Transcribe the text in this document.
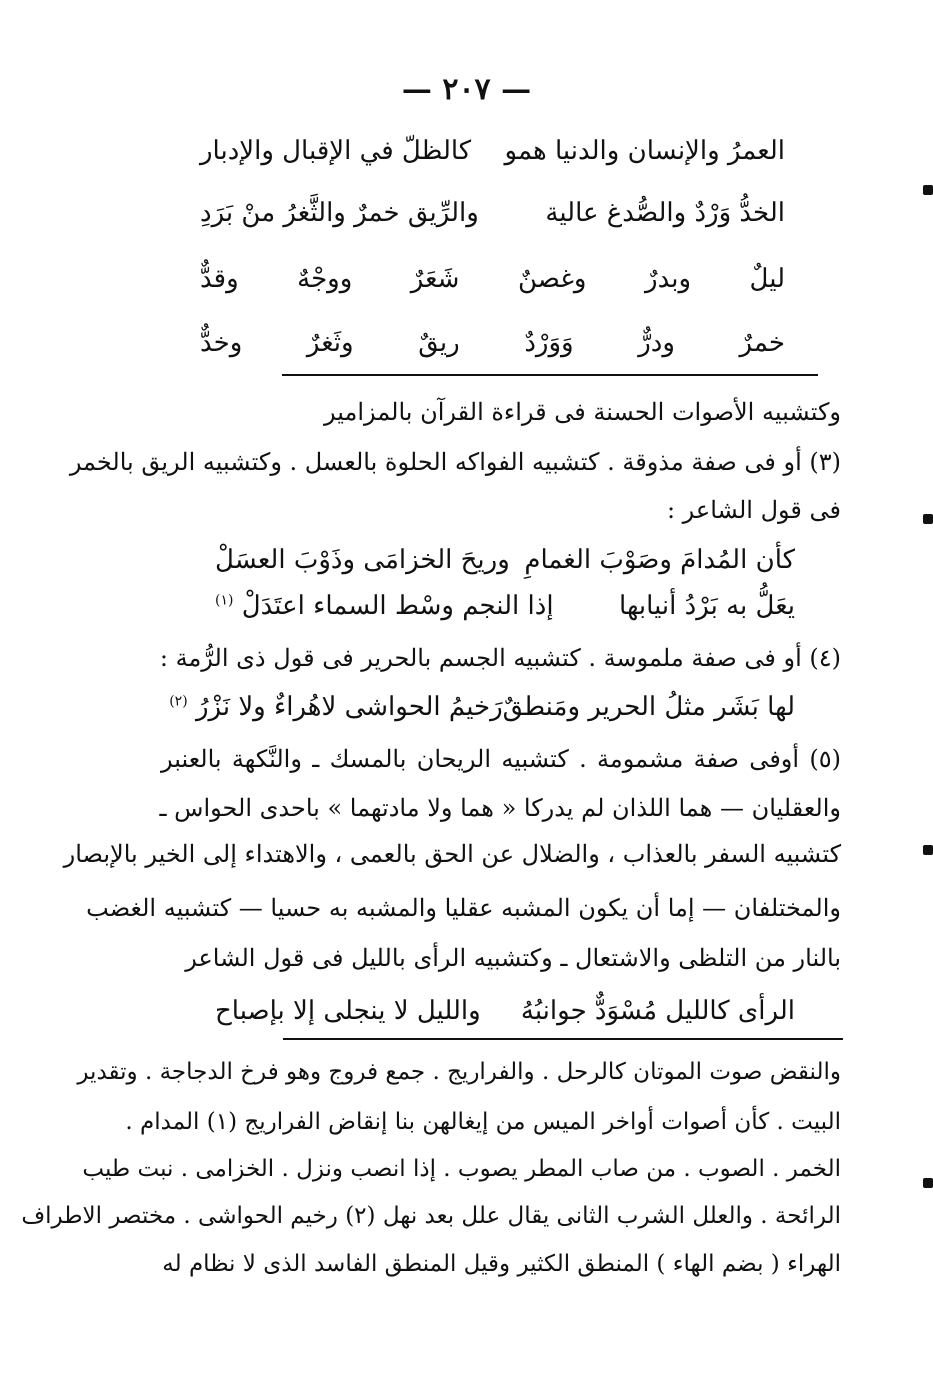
— ٢٠٧ —
العمرُ والإنسان والدنيا همو
كالظلّ في الإقبال والإدبار
الخدُّ وَرْدٌ والصُّدغ عالية
والرِّيق خمرٌ والثَّغرُ منْ بَرَدِ
ليلٌ
وبدرٌ
وغصنٌ
شَعَرٌ
ووجْهٌ
وقدٌّ
خمرٌ
ودرٌّ
وَوَرْدٌ
ريقٌ
وثَغرٌ
وخدٌّ
وكتشبيه الأصوات الحسنة فى قراءة القرآن بالمزامير
(٣) أو فى صفة مذوقة . كتشبيه الفواكه الحلوة بالعسل . وكتشبيه الريق بالخمر
فى قول الشاعر :
كأن المُدامَ وصَوْبَ الغمامِ
وريحَ الخزامَى وذَوْبَ العسَلْ
يعَلُّ به بَرْدُ أنيابها
إذا النجم وسْط السماء اعتَدَلْ $^{(١)}$
(٤) أو فى صفة ملموسة . كتشبيه الجسم بالحرير فى قول ذى الرُّمة :
لها بَشَر مثلُ الحرير ومَنطقٌ
رَخيمُ الحواشى لاهُراءٌ ولا نَزْرُ $^{(٢)}$
(٥) أوفى صفة مشمومة . كتشبيه الريحان بالمسك ـ والنَّكهة بالعنبر
والعقليان — هما اللذان لم يدركا « هما ولا مادتهما » باحدى الحواس ـ
كتشبيه السفر بالعذاب ، والضلال عن الحق بالعمى ، والاهتداء إلى الخير بالإبصار
والمختلفان — إما أن يكون المشبه عقليا والمشبه به حسيا — كتشبيه الغضب
بالنار من التلظى والاشتعال ـ وكتشبيه الرأى بالليل فى قول الشاعر
الرأى كالليل مُسْوَدٌّ جوانبُهُ
والليل لا ينجلى إلا بإصباح
والنقض صوت الموتان كالرحل . والفراريج . جمع فروج وهو فرخ الدجاجة . وتقدير
البيت . كأن أصوات أواخر الميس من إيغالهن بنا إنقاض الفراريج (١) المدام .
الخمر . الصوب . من صاب المطر يصوب . إذا انصب ونزل . الخزامى . نبت طيب
الرائحة . والعلل الشرب الثانى يقال علل بعد نهل (٢) رخيم الحواشى . مختصر الاطراف
الهراء ( بضم الهاء ) المنطق الكثير وقيل المنطق الفاسد الذى لا نظام له
